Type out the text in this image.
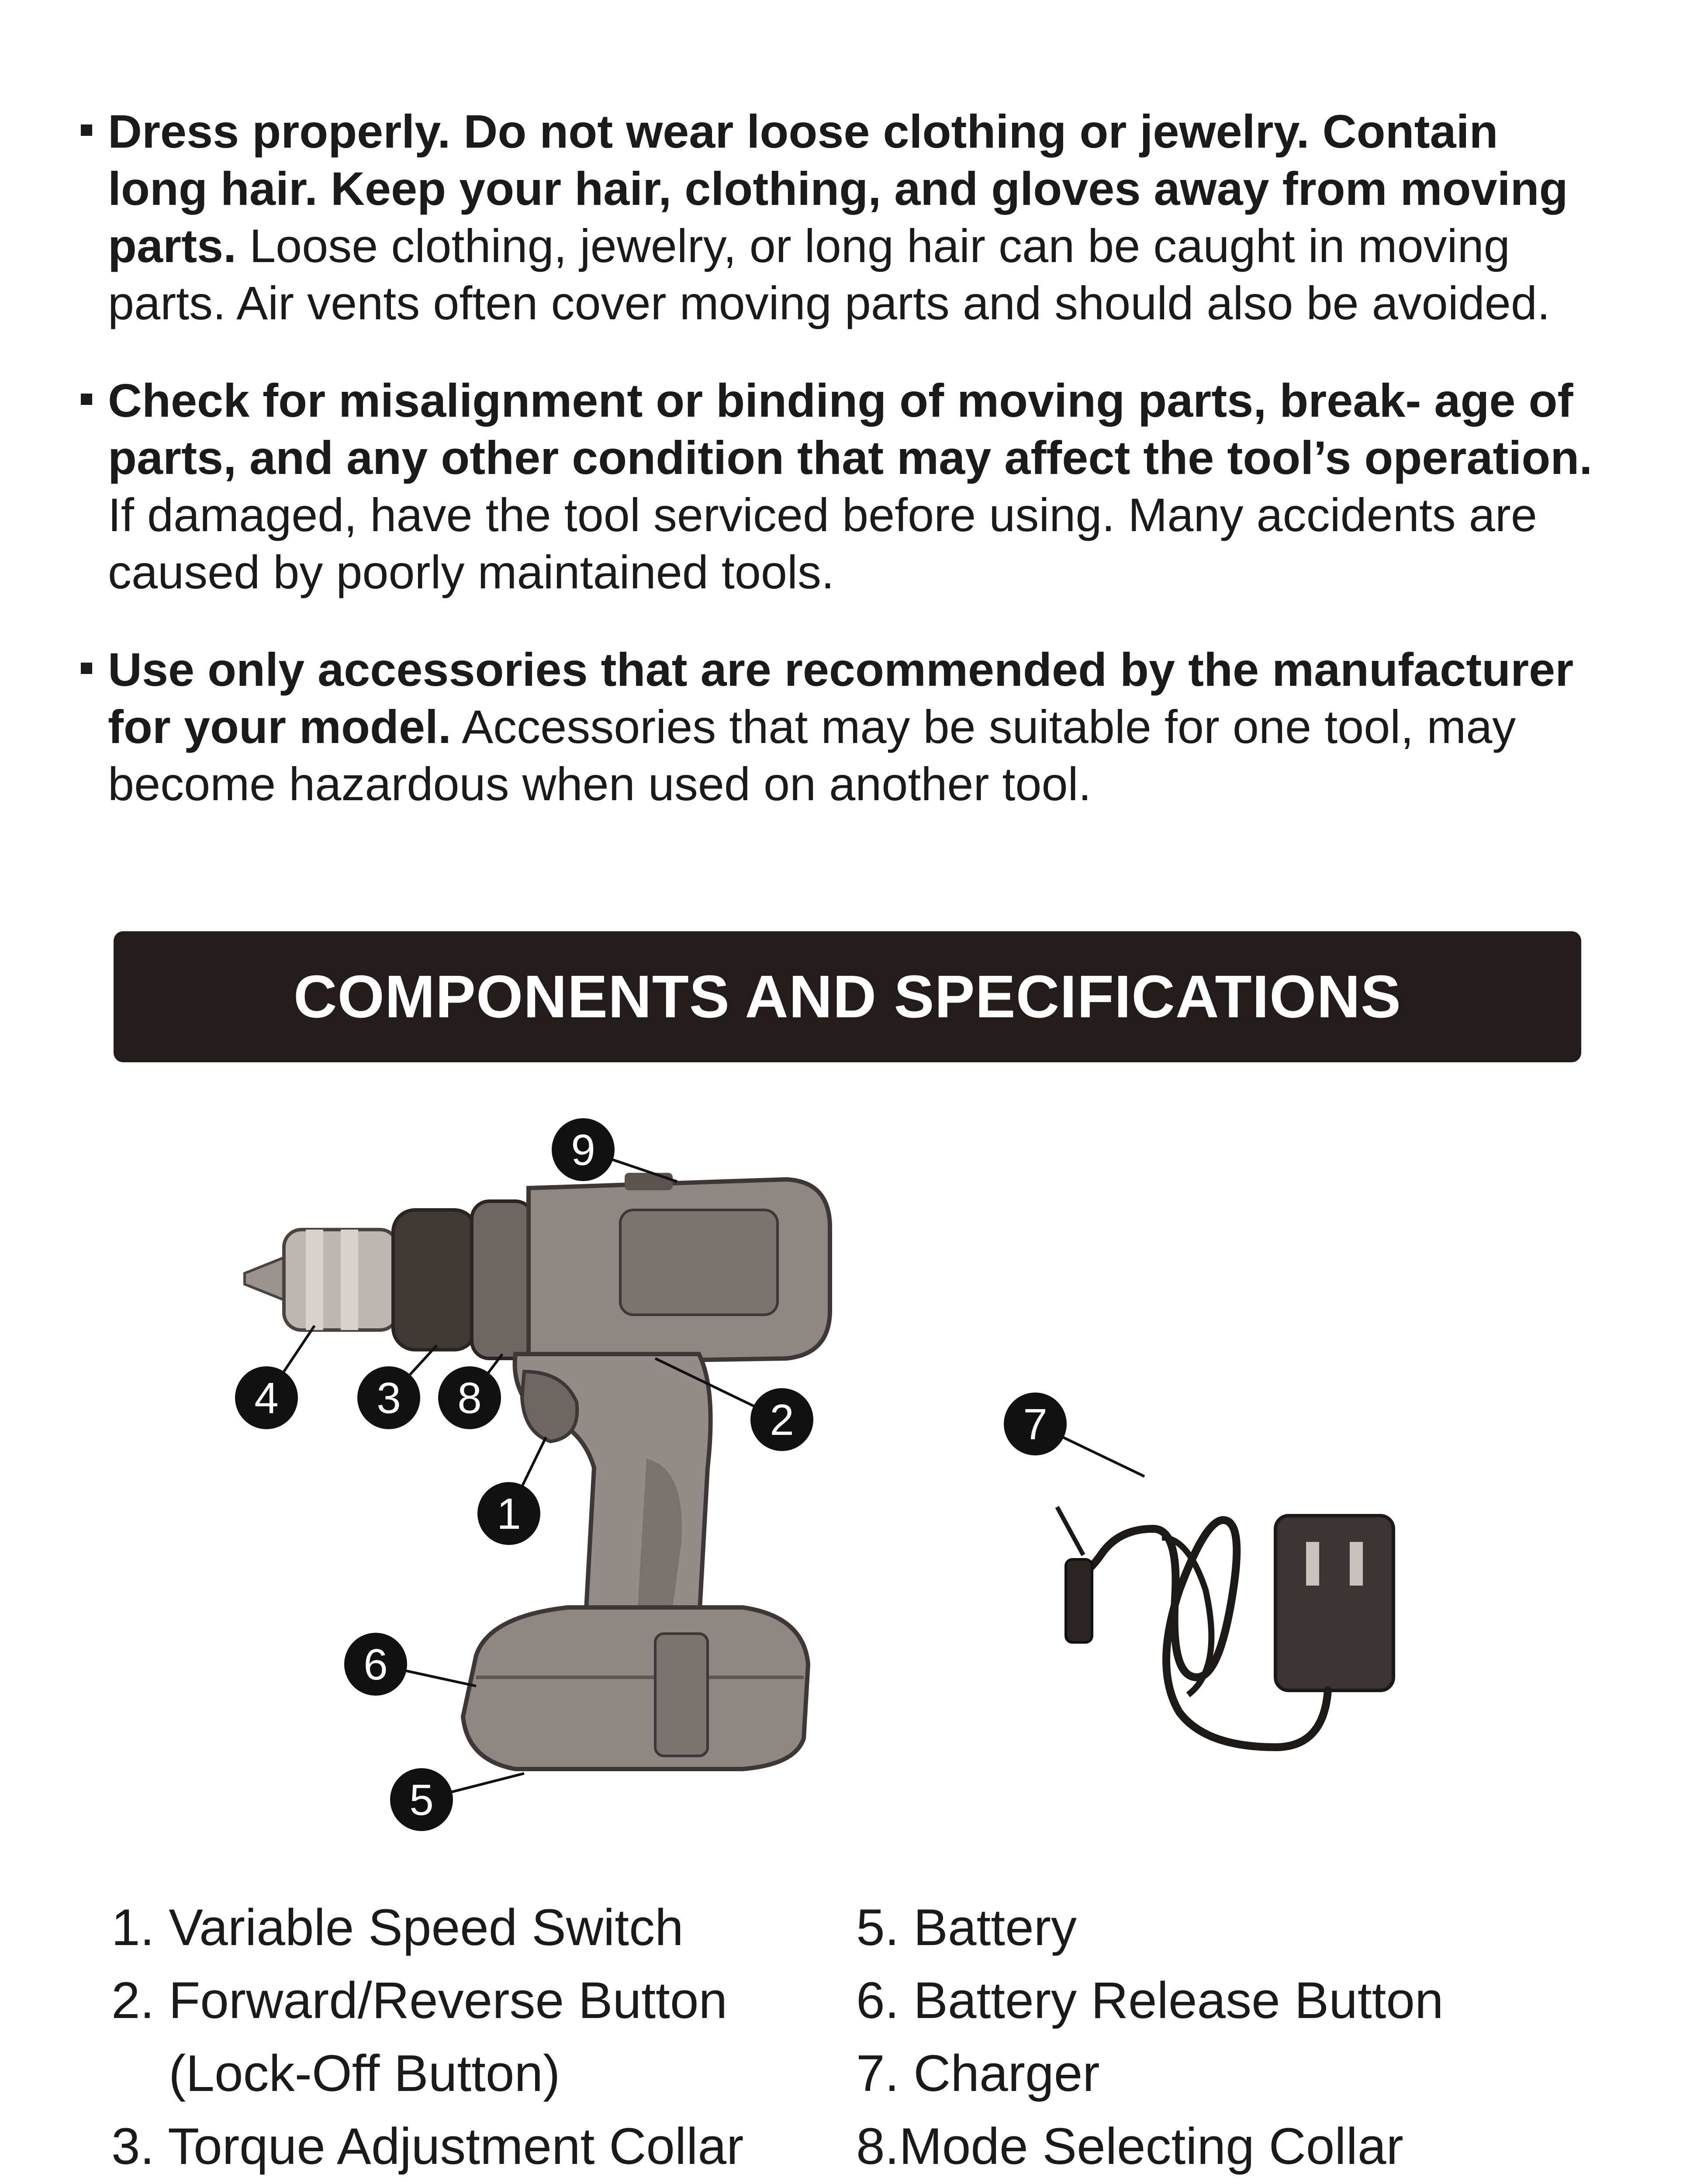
Dress properly. Do not wear loose clothing or jewelry. Contain long hair. Keep your hair, clothing, and gloves away from moving parts. Loose clothing, jewelry, or long hair can be caught in moving parts. Air vents often cover moving parts and should also be avoided.

Check for misalignment or binding of moving parts, break- age of parts, and any other condition that may affect the tool’s operation. If damaged, have the tool serviced before using. Many accidents are caused by poorly maintained tools.

Use only accessories that are recommended by the manufacturer for your model. Accessories that may be suitable for one tool, may become hazardous when used on another tool.

COMPONENTS AND SPECIFICATIONS
1
2
3
4
5
6
7
8
9
1. Variable Speed Switch
2. Forward/Reverse Button
(Lock-Off Button)
3. Torque Adjustment Collar
5. Battery
6. Battery Release Button
7. Charger
8.Mode Selecting Collar
